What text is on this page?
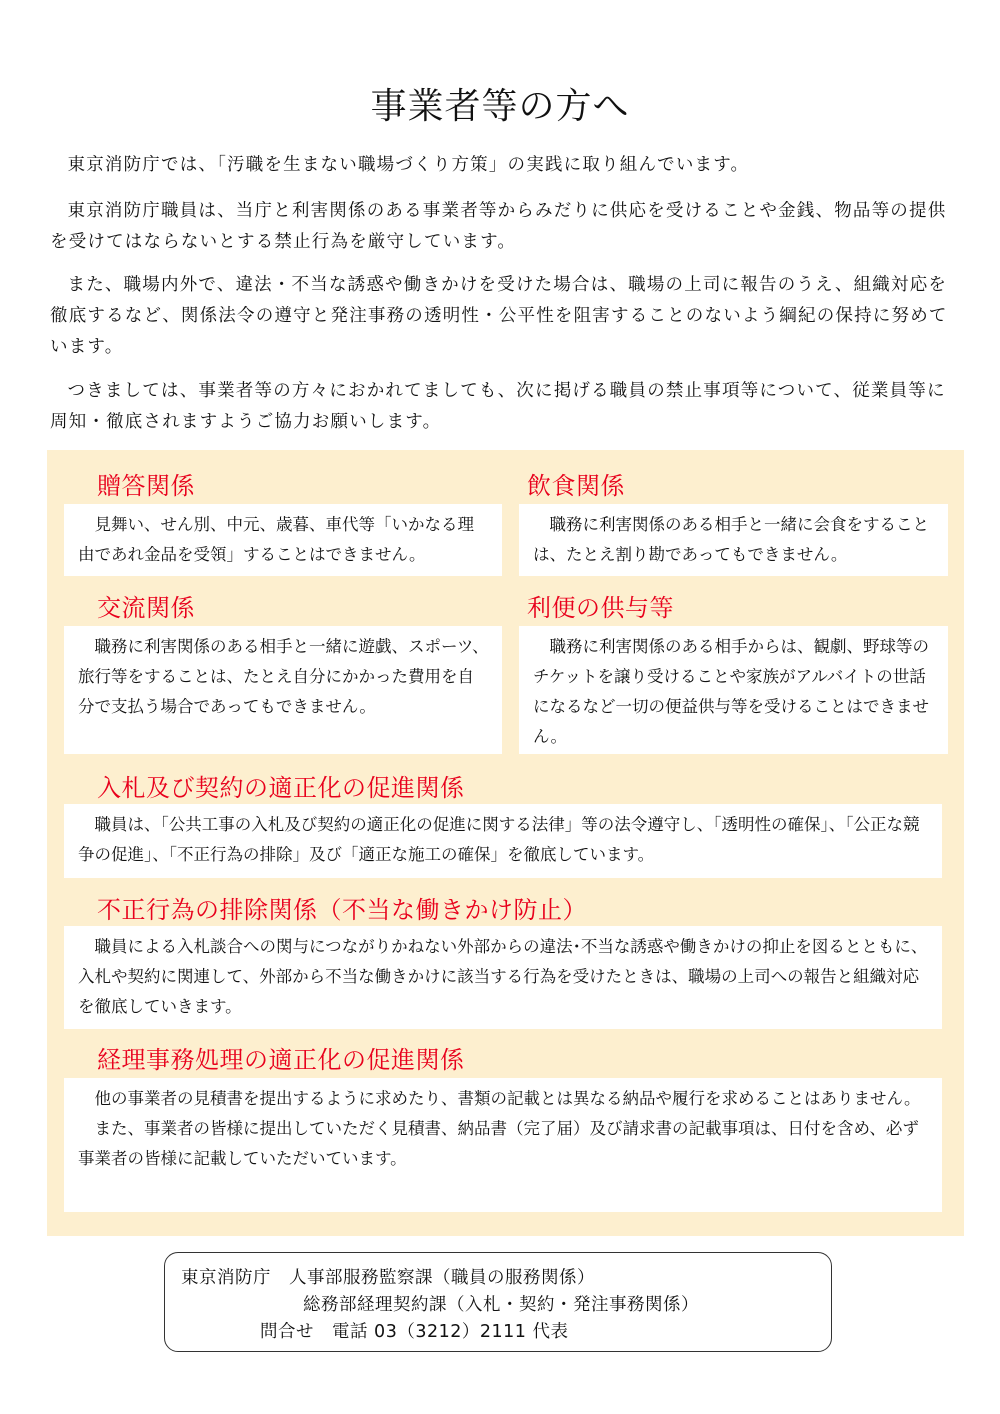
事業者等の方へ

東京消防庁では、「汚職を生まない職場づくり方策」の実践に取り組んでいます。

東京消防庁職員は、当庁と利害関係のある事業者等からみだりに供応を受けることや金銭、物品等の提供を受けてはならないとする禁止行為を厳守しています。

また、職場内外で、違法・不当な誘惑や働きかけを受けた場合は、職場の上司に報告のうえ、組織対応を徹底するなど、関係法令の遵守と発注事務の透明性・公平性を阻害することのないよう綱紀の保持に努めています。

つきましては、事業者等の方々におかれてましても、次に掲げる職員の禁止事項等について、従業員等に周知・徹底されますようご協力お願いします。

贈答関係

見舞い、せん別、中元、歳暮、車代等「いかなる理由であれ金品を受領」することはできません。

飲食関係

職務に利害関係のある相手と一緒に会食をすることは、たとえ割り勘であってもできません。

交流関係

職務に利害関係のある相手と一緒に遊戯、スポーツ、旅行等をすることは、たとえ自分にかかった費用を自分で支払う場合であってもできません。

利便の供与等

職務に利害関係のある相手からは、観劇、野球等のチケットを譲り受けることや家族がアルバイトの世話になるなど一切の便益供与等を受けることはできません。

入札及び契約の適正化の促進関係

職員は、「公共工事の入札及び契約の適正化の促進に関する法律」等の法令遵守し、「透明性の確保」、「公正な競争の促進」、「不正行為の排除」及び「適正な施工の確保」を徹底しています。

不正行為の排除関係（不当な働きかけ防止）

職員による入札談合への関与につながりかねない外部からの違法･不当な誘惑や働きかけの抑止を図るとともに、入札や契約に関連して、外部から不当な働きかけに該当する行為を受けたときは、職場の上司への報告と組織対応を徹底していきます。

経理事務処理の適正化の促進関係

他の事業者の見積書を提出するように求めたり、書類の記載とは異なる納品や履行を求めることはありません。

また、事業者の皆様に提出していただく見積書、納品書（完了届）及び請求書の記載事項は、日付を含め、必ず事業者の皆様に記載していただいています。

東京消防庁　人事部服務監察課（職員の服務関係）
総務部経理契約課（入札・契約・発注事務関係）
問合せ　電話 03（3212）2111 代表
